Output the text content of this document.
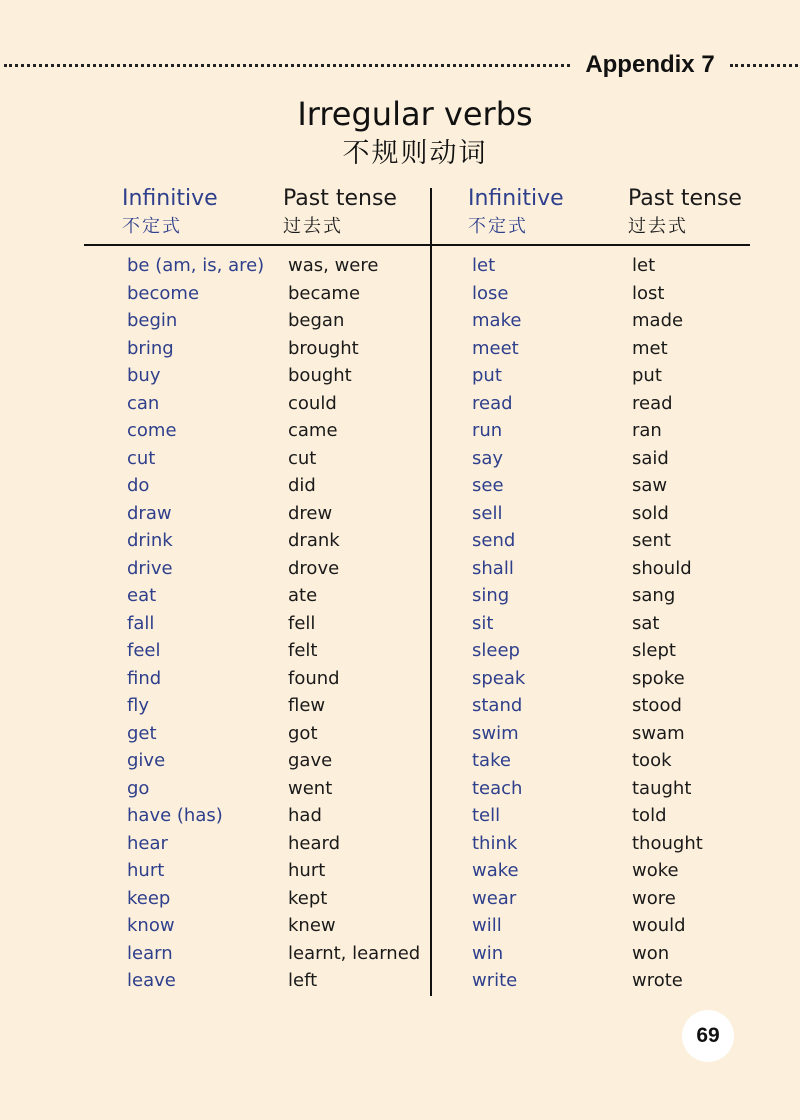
Appendix 7
Irregular verbs
不规则动词
Infinitive
不定式
Past tense
过去式
Infinitive
不定式
Past tense
过去式
be (am, is, are)
become
begin
bring
buy
can
come
cut
do
draw
drink
drive
eat
fall
feel
find
fly
get
give
go
have (has)
hear
hurt
keep
know
learn
leave
was, were
became
began
brought
bought
could
came
cut
did
drew
drank
drove
ate
fell
felt
found
flew
got
gave
went
had
heard
hurt
kept
knew
learnt, learned
left
let
lose
make
meet
put
read
run
say
see
sell
send
shall
sing
sit
sleep
speak
stand
swim
take
teach
tell
think
wake
wear
will
win
write
let
lost
made
met
put
read
ran
said
saw
sold
sent
should
sang
sat
slept
spoke
stood
swam
took
taught
told
thought
woke
wore
would
won
wrote
69
